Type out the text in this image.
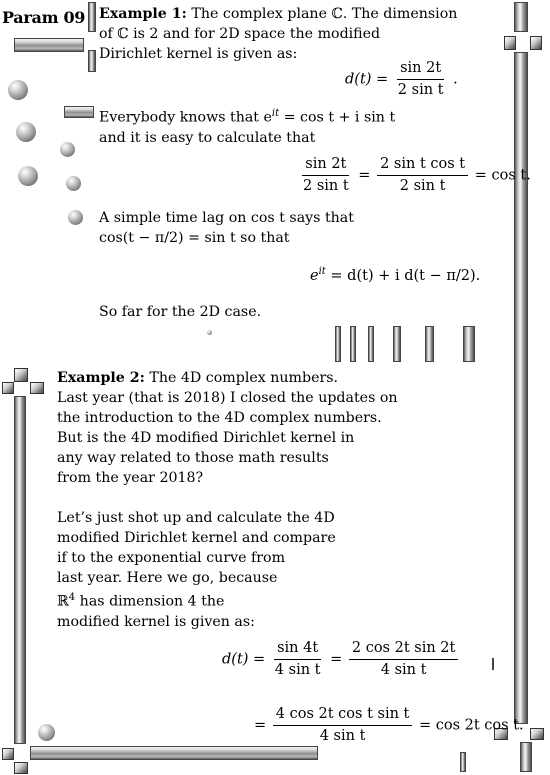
Param 09 Example 1: The complex plane ℂ. The dimension
of ℂ is 2 and for 2D space the modified
Dirichlet kernel is given as:
$d(t) = \frac{\sin 2t}{\text{2 sin t}}$ .
Everybody knows that $e^{it} = \cos t + i$ sin t
and it is easy to calculate that
$\frac{\sin 2t}{\text{2 sin t}} = \frac{\text{2 sin t cos t}}{\text{2 sin t}} = \cos t$.
A simple time lag on cos t says that
cos(t − π/2) = sin t so that
$e^{it} = d(t) + i$ d(t − π/2).
So far for the 2D case.
Example 2: The 4D complex numbers.
Last year (that is 2018) I closed the updates on
the introduction to the 4D complex numbers.
But is the 4D modified Dirichlet kernel in
any way related to those math results
from the year 2018?
Let’s just shot up and calculate the 4D
modified Dirichlet kernel and compare
if to the exponential curve from
last year. Here we go, because
ℝ$^4$ has dimension 4 the
modified kernel is given as:
$d(t) = \frac{\sin 4t}{\text{4 sin t}} = \frac{\text{2 cos 2t sin 2t}}{\text{4 sin t}}$
= $\frac{\text{4 cos 2t cos t sin t}}{\text{4 sin t}} = \cos 2t$ cos t.
